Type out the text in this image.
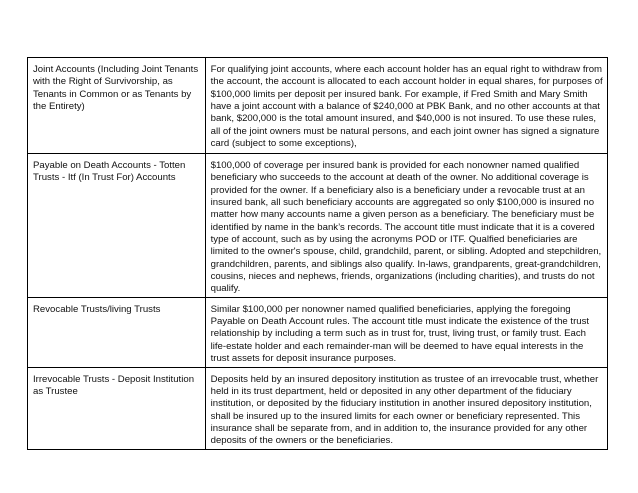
Joint Accounts (Including Joint Tenants with the Right of Survivorship, as Tenants in Common or as Tenants by the Entirety)	For qualifying joint accounts, where each account holder has an equal right to withdraw from the account, the account is allocated to each account holder in equal shares, for purposes of $100,000 limits per deposit per insured bank. For example, if Fred Smith and Mary Smith have a joint account with a balance of $240,000 at PBK Bank, and no other accounts at that bank, $200,000 is the total amount insured, and $40,000 is not insured. To use these rules, all of the joint owners must be natural persons, and each joint owner has signed a signature card (subject to some exceptions),
Payable on Death Accounts - Totten Trusts - Itf (In Trust For) Accounts	$100,000 of coverage per insured bank is provided for each nonowner named qualified beneficiary who succeeds to the account at death of the owner. No additional coverage is provided for the owner. If a beneficiary also is a beneficiary under a revocable trust at an insured bank, all such beneficiary accounts are aggregated so only $100,000 is insured no matter how many accounts name a given person as a beneficiary. The beneficiary must be identified by name in the bank’s records. The account title must indicate that it is a covered type of account, such as by using the acronyms POD or ITF. Qualfied beneficiaries are limited to the owner's spouse, child, grandchild, parent, or sibling. Adopted and stepchildren, grandchildren, parents, and siblings also qualify. In-laws, grandparents, great-grandchildren, cousins, nieces and nephews, friends, organizations (including charities), and trusts do not qualify.
Revocable Trusts/living Trusts	Similar $100,000 per nonowner named qualified beneficiaries, applying the foregoing Payable on Death Account rules. The account title must indicate the existence of the trust relationship by including a term such as in trust for, trust, living trust, or family trust. Each life-estate holder and each remainder-man will be deemed to have equal interests in the trust assets for deposit insurance purposes.
Irrevocable Trusts - Deposit Institution as Trustee	Deposits held by an insured depository institution as trustee of an irrevocable trust, whether held in its trust department, held or deposited in any other department of the fiduciary institution, or deposited by the fiduciary institution in another insured depository institution, shall be insured up to the insured limits for each owner or beneficiary represented. This insurance shall be separate from, and in addition to, the insurance provided for any other deposits of the owners or the beneficiaries.
